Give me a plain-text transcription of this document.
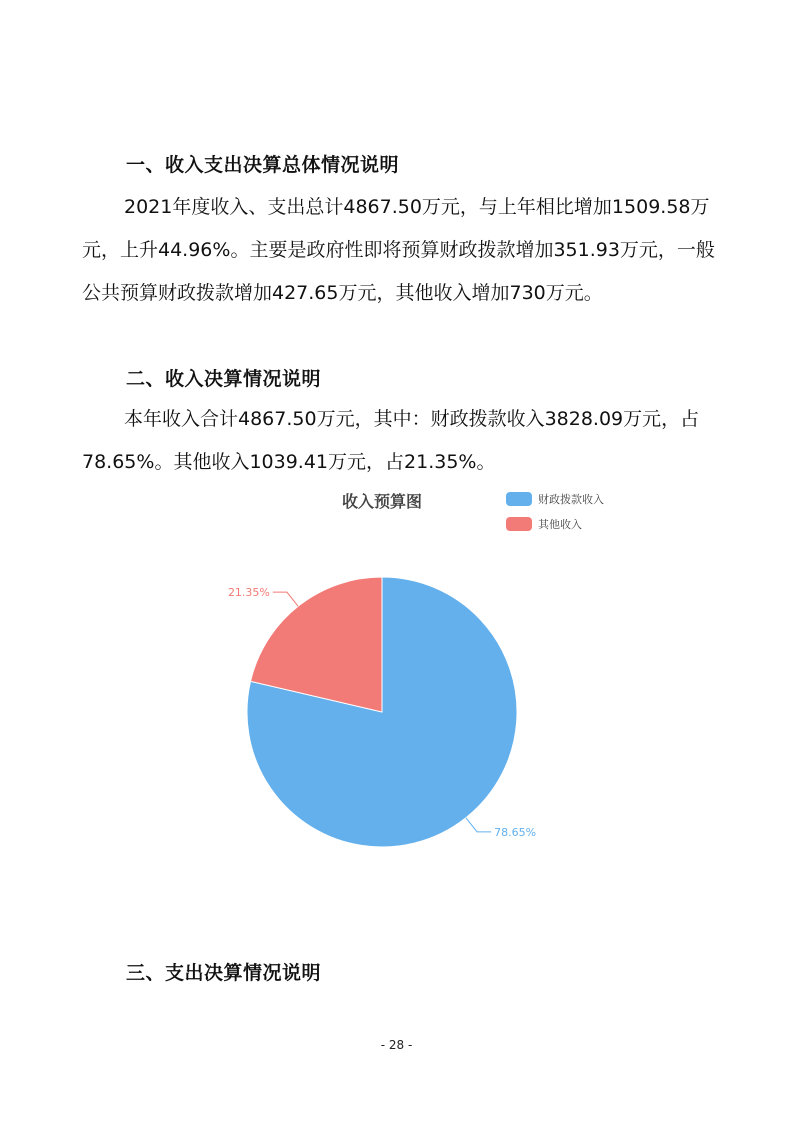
一、收入支出决算总体情况说明
2021年度收入、支出总计4867.50万元，与上年相比增加1509.58万元，上升44.96%。主要是政府性即将预算财政拨款增加351.93万元，一般公共预算财政拨款增加427.65万元，其他收入增加730万元。
二、收入决算情况说明
本年收入合计4867.50万元，其中：财政拨款收入3828.09万元，占78.65%。其他收入1039.41万元，占21.35%。
收入预算图	财政拨款收入
其他收入
78.65%
21.35%
三、支出决算情况说明
- 28 -
